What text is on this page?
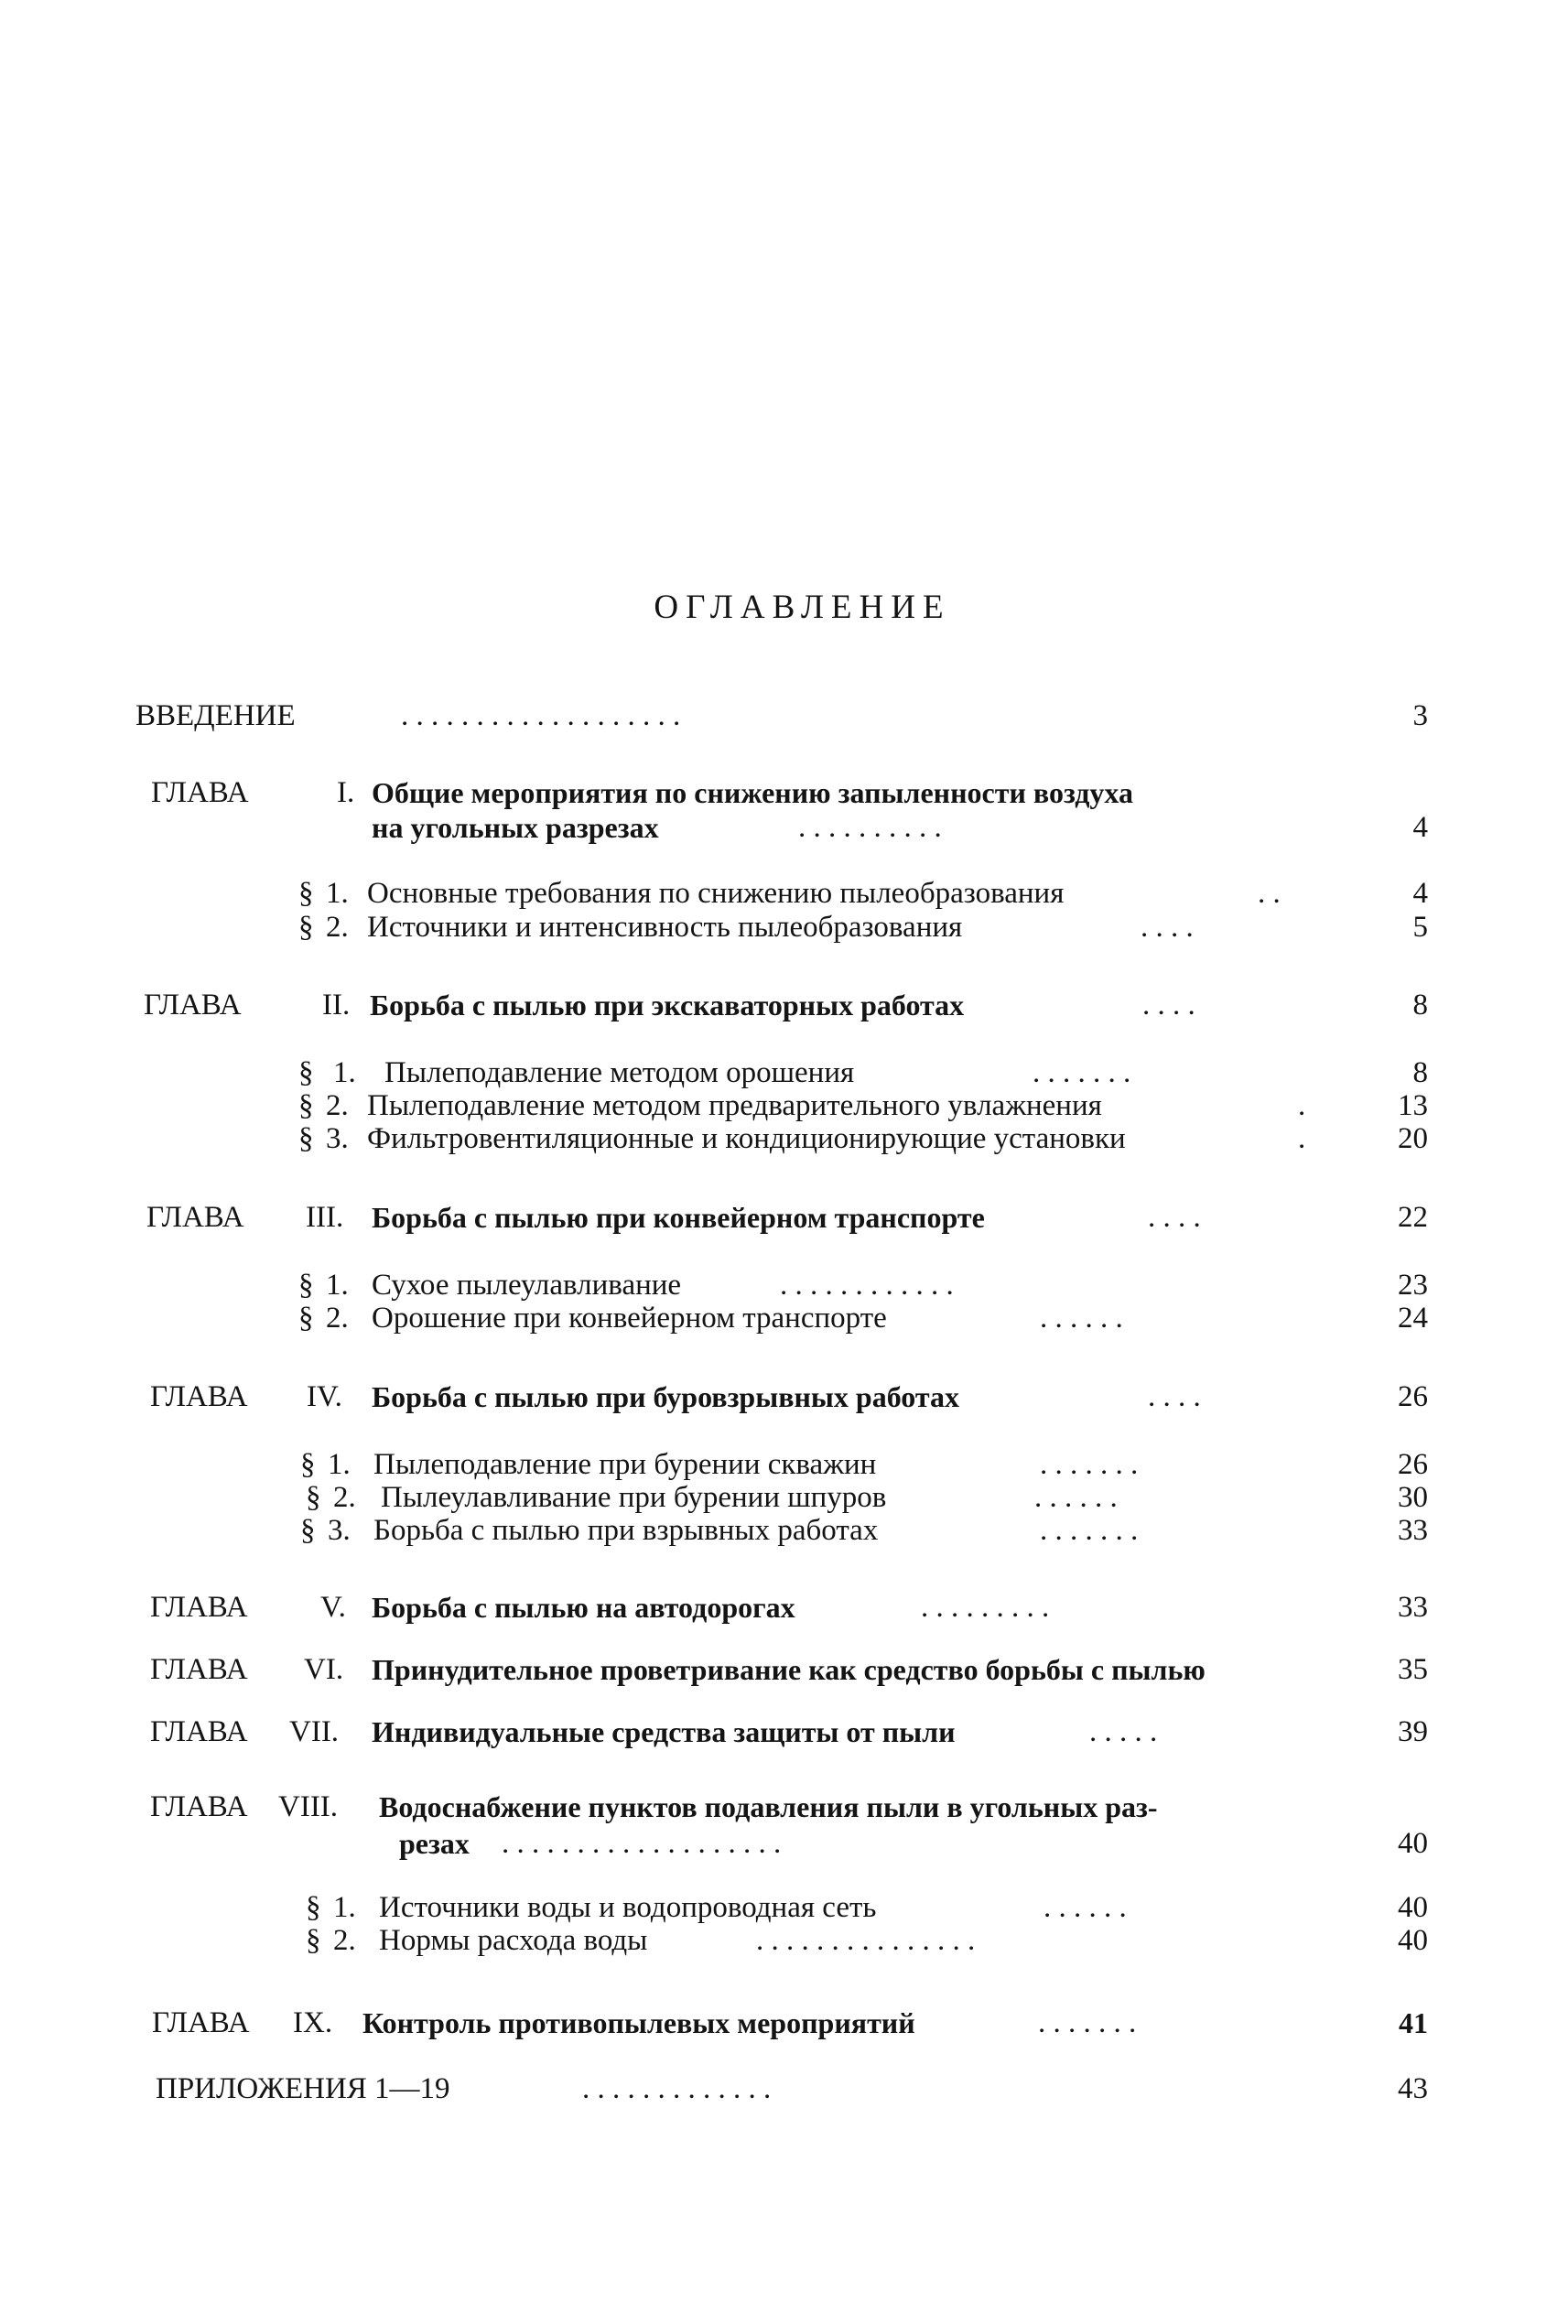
ОГЛАВЛЕНИЕ
ВВЕДЕНИЕ	. . . . . . . . . . . . . . . . . . .	3
ГЛАВА	I. Общие мероприятия по снижению запыленности воздуха
на угольных разрезах	. . . . . . . . . .	4
§ 1. Основные требования по снижению пылеобразования	. .	4
§ 2. Источники и интенсивность пылеобразования	. . . .	5
ГЛАВА	II. Борьба с пылью при экскаваторных работах	. . . .	8
§ 1. Пылеподавление методом орошения	. . . . . . .	8
§ 2. Пылеподавление методом предварительного увлажнения	.	13
§ 3. Фильтровентиляционные и кондиционирующие установки	.	20
ГЛАВА III. Борьба с пылью при конвейерном транспорте	. . . .	22
§ 1. Сухое пылеулавливание	. . . . . . . . . . . .	23
§ 2. Орошение при конвейерном транспорте	. . . . . .	24
ГЛАВА IV. Борьба с пылью при буровзрывных работах	. . . .	26
§ 1. Пылеподавление при бурении скважин	. . . . . . .	26
§ 2. Пылеулавливание при бурении шпуров	. . . . . .	30
§ 3. Борьба с пылью при взрывных работах	. . . . . . .	33
ГЛАВА V. Борьба с пылью на автодорогах	. . . . . . . . .	33
ГЛАВА VI. Принудительное проветривание как средство борьбы с пылью	35
ГЛАВА VII. Индивидуальные средства защиты от пыли	. . . . .	39
ГЛАВА VIII. Водоснабжение пунктов подавления пыли в угольных раз-
резах . . . . . . . . . . . . . . . . . . .	40
§ 1. Источники воды и водопроводная сеть	. . . . . .	40
§ 2. Нормы расхода воды	. . . . . . . . . . . . . . .	40
ГЛАВА IX. Контроль противопылевых мероприятий	. . . . . . .	41
ПРИЛОЖЕНИЯ 1—19	. . . . . . . . . . . . .	43
